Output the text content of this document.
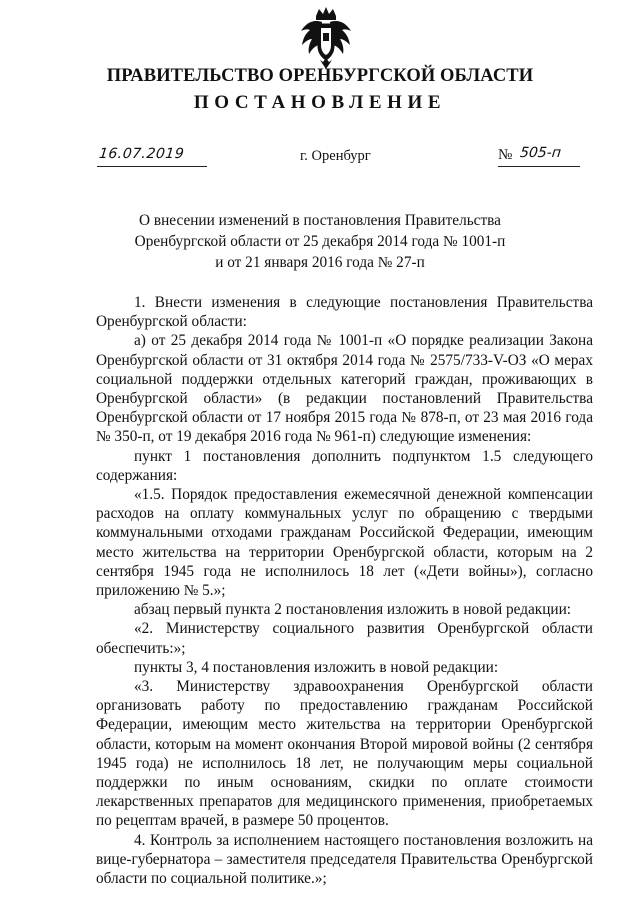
ПРАВИТЕЛЬСТВО ОРЕНБУРГСКОЙ ОБЛАСТИ
ПОСТАНОВЛЕНИЕ
16.07.2019	г. Оренбург	№ 505-п
О внесении изменений в постановления Правительства
Оренбургской области от 25 декабря 2014 года № 1001-п
и от 21 января 2016 года № 27-п

1. Внести изменения в следующие постановления Правительства Оренбургской области:

а) от 25 декабря 2014 года № 1001-п «О порядке реализации Закона Оренбургской области от 31 октября 2014 года № 2575/733-V-ОЗ «О мерах социальной поддержки отдельных категорий граждан, проживающих в Оренбургской области» (в редакции постановлений Правительства Оренбургской области от 17 ноября 2015 года № 878-п, от 23 мая 2016 года № 350-п, от 19 декабря 2016 года № 961-п) следующие изменения:

пункт 1 постановления дополнить подпунктом 1.5 следующего содержания:

«1.5. Порядок предоставления ежемесячной денежной компенсации расходов на оплату коммунальных услуг по обращению с твердыми коммунальными отходами гражданам Российской Федерации, имеющим место жительства на территории Оренбургской области, которым на 2 сентября 1945 года не исполнилось 18 лет («Дети войны»), согласно приложению № 5.»;

абзац первый пункта 2 постановления изложить в новой редакции:

«2. Министерству социального развития Оренбургской области обеспечить:»;

пункты 3, 4 постановления изложить в новой редакции:

«3. Министерству здравоохранения Оренбургской области организовать работу по предоставлению гражданам Российской Федерации, имеющим место жительства на территории Оренбургской области, которым на момент окончания Второй мировой войны (2 сентября 1945 года) не исполнилось 18 лет, не получающим меры социальной поддержки по иным основаниям, скидки по оплате стоимости лекарственных препаратов для медицинского применения, приобретаемых по рецептам врачей, в размере 50 процентов.

4. Контроль за исполнением настоящего постановления возложить на вице-губернатора – заместителя председателя Правительства Оренбургской области по социальной политике.»;
